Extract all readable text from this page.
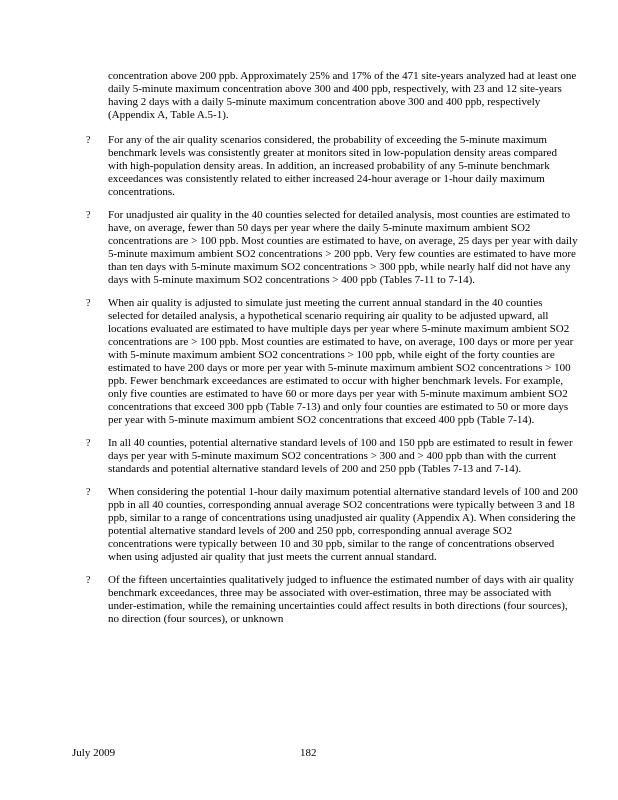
concentration above 200 ppb. Approximately 25% and 17% of the 471 site-years analyzed had at least one daily 5-minute maximum concentration above 300 and 400 ppb, respectively, with 23 and 12 site-years having 2 days with a daily 5-minute maximum concentration above 300 and 400 ppb, respectively (Appendix A, Table A.5-1).

?	For any of the air quality scenarios considered, the probability of exceeding the 5-minute maximum benchmark levels was consistently greater at monitors sited in low-population density areas compared with high-population density areas. In addition, an increased probability of any 5-minute benchmark exceedances was consistently related to either increased 24-hour average or 1-hour daily maximum concentrations.

?	For unadjusted air quality in the 40 counties selected for detailed analysis, most counties are estimated to have, on average, fewer than 50 days per year where the daily 5-minute maximum ambient SO2 concentrations are > 100 ppb. Most counties are estimated to have, on average, 25 days per year with daily 5-minute maximum ambient SO2 concentrations > 200 ppb. Very few counties are estimated to have more than ten days with 5-minute maximum SO2 concentrations > 300 ppb, while nearly half did not have any days with 5-minute maximum SO2 concentrations > 400 ppb (Tables 7-11 to 7-14).

?	When air quality is adjusted to simulate just meeting the current annual standard in the 40 counties selected for detailed analysis, a hypothetical scenario requiring air quality to be adjusted upward, all locations evaluated are estimated to have multiple days per year where 5-minute maximum ambient SO2 concentrations are > 100 ppb. Most counties are estimated to have, on average, 100 days or more per year with 5-minute maximum ambient SO2 concentrations > 100 ppb, while eight of the forty counties are estimated to have 200 days or more per year with 5-minute maximum ambient SO2 concentrations > 100 ppb. Fewer benchmark exceedances are estimated to occur with higher benchmark levels. For example, only five counties are estimated to have 60 or more days per year with 5-minute maximum ambient SO2 concentrations that exceed 300 ppb (Table 7-13) and only four counties are estimated to 50 or more days per year with 5-minute maximum ambient SO2 concentrations that exceed 400 ppb (Table 7-14).

?	In all 40 counties, potential alternative standard levels of 100 and 150 ppb are estimated to result in fewer days per year with 5-minute maximum SO2 concentrations > 300 and > 400 ppb than with the current standards and potential alternative standard levels of 200 and 250 ppb (Tables 7-13 and 7-14).

?	When considering the potential 1-hour daily maximum potential alternative standard levels of 100 and 200 ppb in all 40 counties, corresponding annual average SO2 concentrations were typically between 3 and 18 ppb, similar to a range of concentrations using unadjusted air quality (Appendix A). When considering the potential alternative standard levels of 200 and 250 ppb, corresponding annual average SO2 concentrations were typically between 10 and 30 ppb, similar to the range of concentrations observed when using adjusted air quality that just meets the current annual standard.

?	Of the fifteen uncertainties qualitatively judged to influence the estimated number of days with air quality benchmark exceedances, three may be associated with over-estimation, three may be associated with under-estimation, while the remaining uncertainties could affect results in both directions (four sources), no direction (four sources), or unknown

July 2009	182
